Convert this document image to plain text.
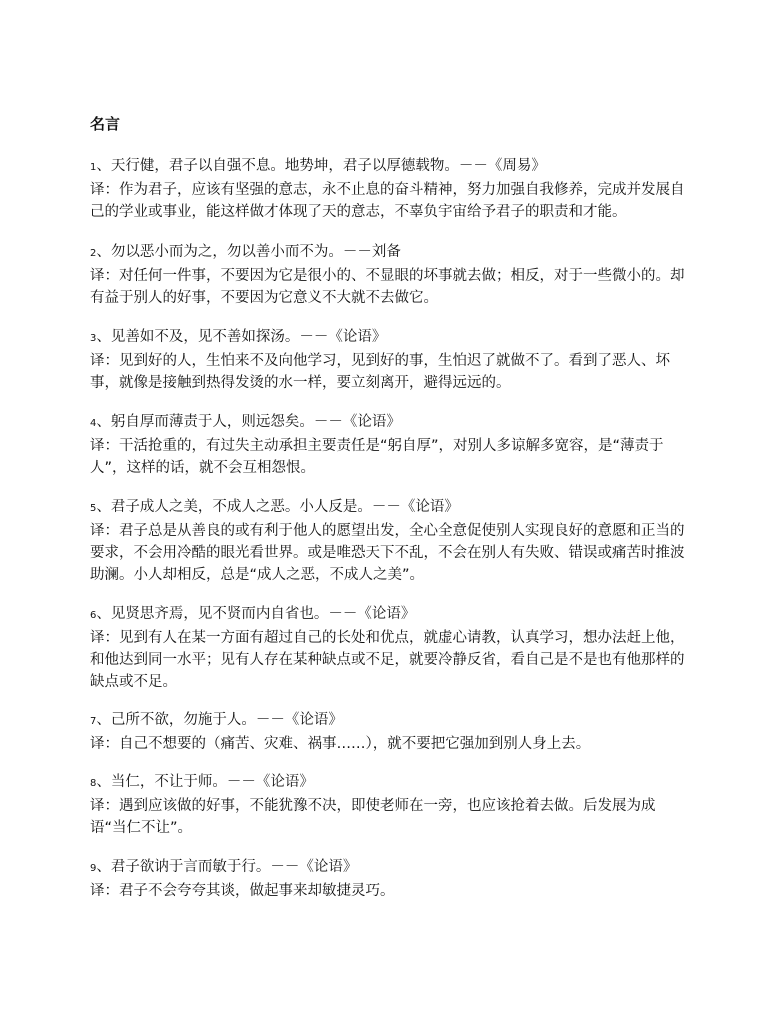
名言

1、天行健，君子以自强不息。地势坤，君子以厚德载物。－－《周易》

译：作为君子，应该有坚强的意志，永不止息的奋斗精神，努力加强自我修养，完成并发展自己的学业或事业，能这样做才体现了天的意志，不辜负宇宙给予君子的职责和才能。

2、勿以恶小而为之，勿以善小而不为。－－刘备

译：对任何一件事，不要因为它是很小的、不显眼的坏事就去做；相反，对于一些微小的。却有益于别人的好事，不要因为它意义不大就不去做它。

3、见善如不及，见不善如探汤。－－《论语》

译：见到好的人，生怕来不及向他学习，见到好的事，生怕迟了就做不了。看到了恶人、坏事，就像是接触到热得发烫的水一样，要立刻离开，避得远远的。

4、躬自厚而薄责于人，则远怨矣。－－《论语》

译：干活抢重的，有过失主动承担主要责任是“躬自厚”，对别人多谅解多宽容，是“薄责于人”，这样的话，就不会互相怨恨。

5、君子成人之美，不成人之恶。小人反是。－－《论语》

译：君子总是从善良的或有利于他人的愿望出发，全心全意促使别人实现良好的意愿和正当的要求，不会用冷酷的眼光看世界。或是唯恐天下不乱，不会在别人有失败、错误或痛苦时推波助澜。小人却相反，总是“成人之恶，不成人之美”。

6、见贤思齐焉，见不贤而内自省也。－－《论语》

译：见到有人在某一方面有超过自己的长处和优点，就虚心请教，认真学习，想办法赶上他，和他达到同一水平；见有人存在某种缺点或不足，就要冷静反省，看自己是不是也有他那样的缺点或不足。

7、己所不欲，勿施于人。－－《论语》

译：自己不想要的（痛苦、灾难、祸事……），就不要把它强加到别人身上去。

8、当仁，不让于师。－－《论语》

译：遇到应该做的好事，不能犹豫不决，即使老师在一旁，也应该抢着去做。后发展为成语“当仁不让”。

9、君子欲讷于言而敏于行。－－《论语》

译：君子不会夸夸其谈，做起事来却敏捷灵巧。
